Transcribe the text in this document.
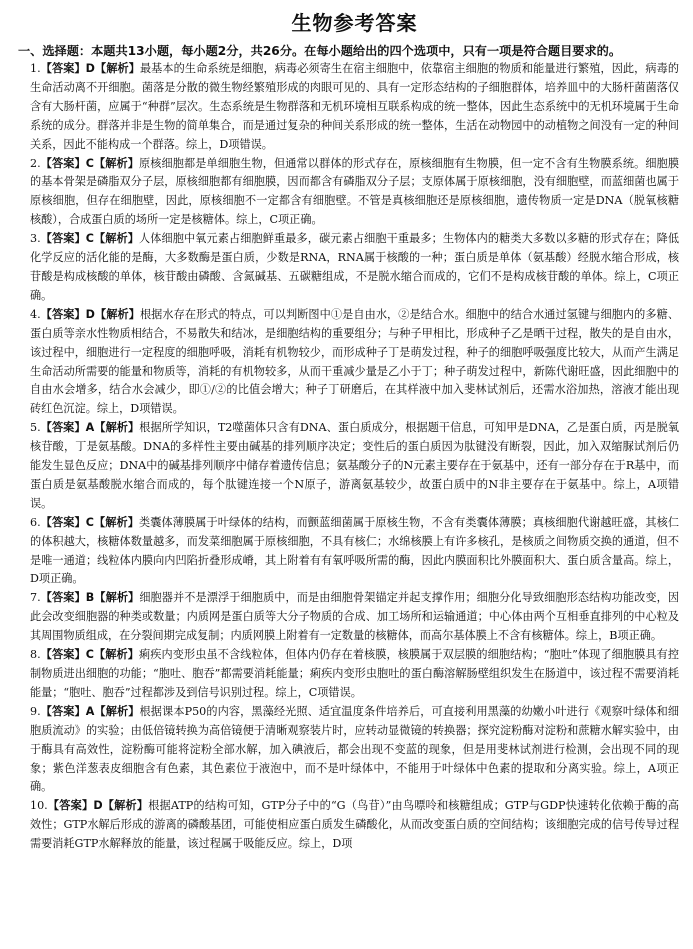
生物参考答案
一、选择题：本题共13小题，每小题2分，共26分。在每小题给出的四个选项中，只有一项是符合题目要求的。

1.【答案】D【解析】最基本的生命系统是细胞，病毒必须寄生在宿主细胞中，依靠宿主细胞的物质和能量进行繁殖，因此，病毒的生命活动离不开细胞。菌落是分散的微生物经繁殖形成的肉眼可见的、具有一定形态结构的子细胞群体，培养皿中的大肠杆菌菌落仅含有大肠杆菌，应属于“种群”层次。生态系统是生物群落和无机环境相互联系构成的统一整体，因此生态系统中的无机环境属于生命系统的成分。群落并非是生物的简单集合，而是通过复杂的种间关系形成的统一整体，生活在动物园中的动植物之间没有一定的种间关系，因此不能构成一个群落。综上，D项错误。

2.【答案】C【解析】原核细胞都是单细胞生物，但通常以群体的形式存在，原核细胞有生物膜，但一定不含有生物膜系统。细胞膜的基本骨架是磷脂双分子层，原核细胞都有细胞膜，因而都含有磷脂双分子层；支原体属于原核细胞，没有细胞壁，而蓝细菌也属于原核细胞，但存在细胞壁，因此，原核细胞不一定都含有细胞壁。不管是真核细胞还是原核细胞，遗传物质一定是DNA（脱氧核糖核酸），合成蛋白质的场所一定是核糖体。综上，C项正确。

3.【答案】C【解析】人体细胞中氧元素占细胞鲜重最多，碳元素占细胞干重最多；生物体内的糖类大多数以多糖的形式存在；降低化学反应的活化能的是酶，大多数酶是蛋白质，少数是RNA，RNA属于核酸的一种；蛋白质是单体（氨基酸）经脱水缩合形成，核苷酸是构成核酸的单体，核苷酸由磷酸、含氮碱基、五碳糖组成，不是脱水缩合而成的，它们不是构成核苷酸的单体。综上，C项正确。

4.【答案】D【解析】根据水存在形式的特点，可以判断图中①是自由水，②是结合水。细胞中的结合水通过氢键与细胞内的多糖、蛋白质等亲水性物质相结合，不易散失和结冰，是细胞结构的重要组分；与种子甲相比，形成种子乙是晒干过程，散失的是自由水，该过程中，细胞进行一定程度的细胞呼吸，消耗有机物较少，而形成种子丁是萌发过程，种子的细胞呼吸强度比较大，从而产生满足生命活动所需要的能量和物质等，消耗的有机物较多，从而干重减少量是乙小于丁；种子萌发过程中，新陈代谢旺盛，因此细胞中的自由水会增多，结合水会减少，即①/②的比值会增大；种子丁研磨后，在其样液中加入斐林试剂后，还需水浴加热，溶液才能出现砖红色沉淀。综上，D项错误。

5.【答案】A【解析】根据所学知识，T2噬菌体只含有DNA、蛋白质成分，根据题干信息，可知甲是DNA，乙是蛋白质，丙是脱氧核苷酸，丁是氨基酸。DNA的多样性主要由碱基的排列顺序决定；变性后的蛋白质因为肽键没有断裂，因此，加入双缩脲试剂后仍能发生显色反应；DNA中的碱基排列顺序中储存着遗传信息；氨基酸分子的N元素主要存在于氨基中，还有一部分存在于R基中，而蛋白质是氨基酸脱水缩合而成的，每个肽键连接一个N原子，游离氨基较少，故蛋白质中的N非主要存在于氨基中。综上，A项错误。

6.【答案】C【解析】类囊体薄膜属于叶绿体的结构，而颤蓝细菌属于原核生物，不含有类囊体薄膜；真核细胞代谢越旺盛，其核仁的体积越大，核糖体数量越多，而发菜细胞属于原核细胞，不具有核仁；水绵核膜上有许多核孔，是核质之间物质交换的通道，但不是唯一通道；线粒体内膜向内凹陷折叠形成嵴，其上附着有有氧呼吸所需的酶，因此内膜面积比外膜面积大、蛋白质含量高。综上，D项正确。

7.【答案】B【解析】细胞器并不是漂浮于细胞质中，而是由细胞骨架锚定并起支撑作用；细胞分化导致细胞形态结构功能改变，因此会改变细胞器的种类或数量；内质网是蛋白质等大分子物质的合成、加工场所和运输通道；中心体由两个互相垂直排列的中心粒及其周围物质组成，在分裂间期完成复制；内质网膜上附着有一定数量的核糖体，而高尔基体膜上不含有核糖体。综上，B项正确。

8.【答案】C【解析】痢疾内变形虫虽不含线粒体，但体内仍存在着核膜，核膜属于双层膜的细胞结构；“胞吐”体现了细胞膜具有控制物质进出细胞的功能；“胞吐、胞吞”都需要消耗能量；痢疾内变形虫胞吐的蛋白酶溶解肠壁组织发生在肠道中，该过程不需要消耗能量；“胞吐、胞吞”过程都涉及到信号识别过程。综上，C项错误。

9.【答案】A【解析】根据课本P50的内容，黑藻经光照、适宜温度条件培养后，可直接利用黑藻的幼嫩小叶进行《观察叶绿体和细胞质流动》的实验；由低倍镜转换为高倍镜便于清晰观察装片时，应转动显微镜的转换器；探究淀粉酶对淀粉和蔗糖水解实验中，由于酶具有高效性，淀粉酶可能将淀粉全部水解，加入碘液后，都会出现不变蓝的现象，但是用斐林试剂进行检测，会出现不同的现象；紫色洋葱表皮细胞含有色素，其色素位于液泡中，而不是叶绿体中，不能用于叶绿体中色素的提取和分离实验。综上，A项正确。

10.【答案】D【解析】根据ATP的结构可知，GTP分子中的“G（鸟苷）”由鸟嘌呤和核糖组成；GTP与GDP快速转化依赖于酶的高效性；GTP水解后形成的游离的磷酸基团，可能使相应蛋白质发生磷酸化，从而改变蛋白质的空间结构；该细胞完成的信号传导过程需要消耗GTP水解释放的能量，该过程属于吸能反应。综上，D项
